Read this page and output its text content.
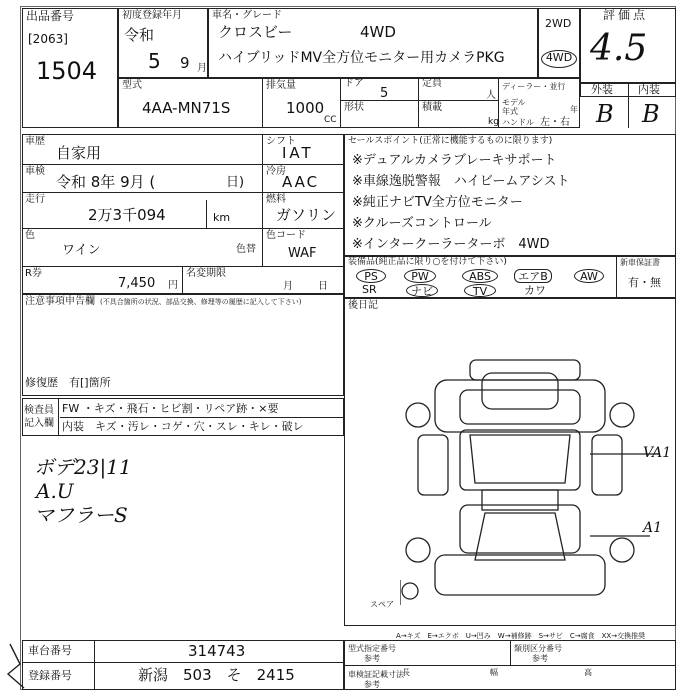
出品番号
[2063]
1504
初度登録年月
令和
5 9 月
車名・グレード
クロスビー	4WD
ハイブリッドMV全方位モニター用カメラPKG
2WD
4WD
評価点
4.5
外装 内装
B B
型式
4AA-MN71S
排気量
1000
CC
ドア
5
定員
人
形状	積載
kg
ディーラー・並行
モデル年式	年
ハンドル 左・右
車歴
自家用
シフト
IAT
車検
令和 8年 9月 (	日)
冷房
AAC
走行
2万3千094	km
燃料
ガソリン
色
ワイン	色替
色コード
WAF
R券
7,450 円
名変期限
月	日
セールスポイント(正常に機能するものに限ります)
※デュアルカメラブレーキサポート
※車線逸脱警報　ハイビームアシスト
※純正ナビTV全方位モニター
※クルーズコントロール
※インタークーラーターボ　4WD
装備品(純正品に限り○を付けて下さい)
PS	PW	ABS	エアB	AW
SR	ナビ	TV	カワ
新車保証書
有・無
注意事項申告欄 (不具合箇所の状況、部品交換、修理等の履歴に記入して下さい)
修復歴　有[]箇所
後日記
スペア
VA1
A1
検査員
記入欄
FW ・キズ・飛石・ヒビ割・リペア跡・×要
内装　キズ・汚レ・コゲ・穴・スレ・キレ・破レ
ボデ23|11
A.U
マフラーS
A→キズ　E→エクボ　U→凹み　W→補修跡　S→サビ　C→腐食　XX→交換推奨
車台番号	314743
登録番号	新潟　503　そ　2415
型式指定番号
参考
類別区分番号
参考
車検証記載寸法
参考
長	幅	高
